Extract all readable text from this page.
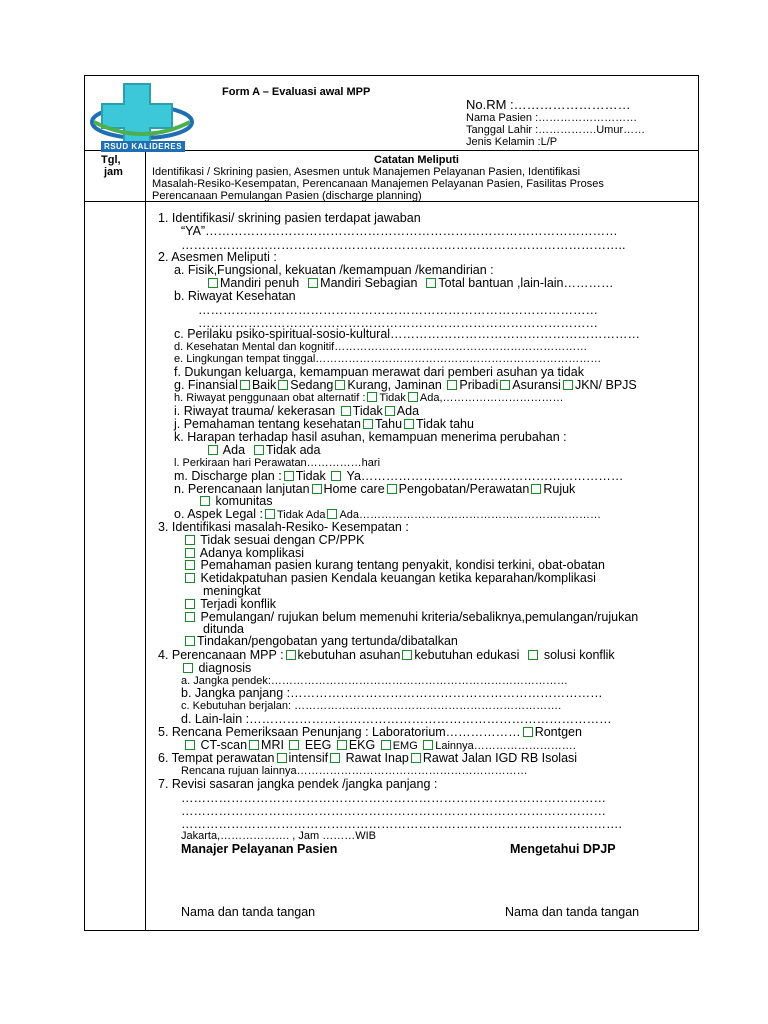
RSUD KALIDERES
Form A – Evaluasi awal MPP
No.RM :………………………
Nama Pasien :………………………
Tanggal Lahir :…………….Umur……
Jenis Kelamin :L/P
Tgl,
jam
Catatan Meliputi
Identifikasi / Skrining pasien, Asesmen untuk Manajemen Pelayanan Pasien, Identifikasi
Masalah-Resiko-Kesempatan, Perencanaan Manajemen Pelayanan Pasien, Fasilitas Proses
Perencanaan Pemulangan Pasien (discharge planning)
1. Identifikasi/ skrining pasien terdapat jawaban
“YA”………………………………………………………………………………………
……………………………………………………………………………………………..
2. Asesmen Meliputi :
a. Fisik,Fungsional, kekuatan /kemampuan /kemandirian :
Mandiri penuh Mandiri Sebagian Total bantuan ,lain-lain…………
b. Riwayat Kesehatan
……………………………………………………………………………………
……………………………………………………………………………………
c. Perilaku psiko-spiritual-sosio-kultural……………………………………………………
d. Kesehatan Mental dan kognitif……………………………………………………………
e. Lingkungan tempat tinggal……………………………………………………………………
f. Dukungan keluarga, kemampuan merawat dari pemberi asuhan ya tidak
g. Finansial Baik Sedang Kurang, Jaminan Pribadi Asuransi JKN/ BPJS
h. Riwayat penggunaan obat alternatif : Tidak Ada,……………………………
i. Riwayat trauma/ kekerasan Tidak Ada
j. Pemahaman tentang kesehatan Tahu Tidak tahu
k. Harapan terhadap hasil asuhan, kemampuan menerima perubahan :
Ada Tidak ada
l. Perkiraan hari Perawatan……………hari
m. Discharge plan : Tidak Ya………………………………………………………
n. Perencanaan lanjutan Home care Pengobatan/Perawatan Rujuk
komunitas
o. Aspek Legal : Tidak Ada Ada…………………………………………………………
3. Identifikasi masalah-Resiko- Kesempatan :
Tidak sesuai dengan CP/PPK
Adanya komplikasi
Pemahaman pasien kurang tentang penyakit, kondisi terkini, obat-obatan
Ketidakpatuhan pasien Kendala keuangan ketika keparahan/komplikasi
meningkat
Terjadi konflik
Pemulangan/ rujukan belum memenuhi kriteria/sebaliknya,pemulangan/rujukan
ditunda
Tindakan/pengobatan yang tertunda/dibatalkan
4. Perencanaan MPP : kebutuhan asuhan kebutuhan edukasi solusi konflik
diagnosis
a. Jangka pendek:………………………………………………………………………
b. Jangka panjang :…………………………………………………………………
c. Kebutuhan berjalan: ……………………………………………………………….
d. Lain-lain :……………………………………………………………………………
5. Rencana Pemeriksaan Penunjang : Laboratorium……………… Rontgen
CT-scan MRI EEG EKG EMG Lainnya……………………….
6. Tempat perawatan intensif Rawat Inap Rawat Jalan IGD RB Isolasi
Rencana rujuan lainnya………………………………………………………
7. Revisi sasaran jangka pendek /jangka panjang :
…………………………………………………………………………………………
…………………………………………………………………………………………
…………………………………………………………………………………………….
Jakarta,………………. , Jam ………WIB
Manajer Pelayanan Pasien	Mengetahui DPJP
Nama dan tanda tangan	Nama dan tanda tangan
